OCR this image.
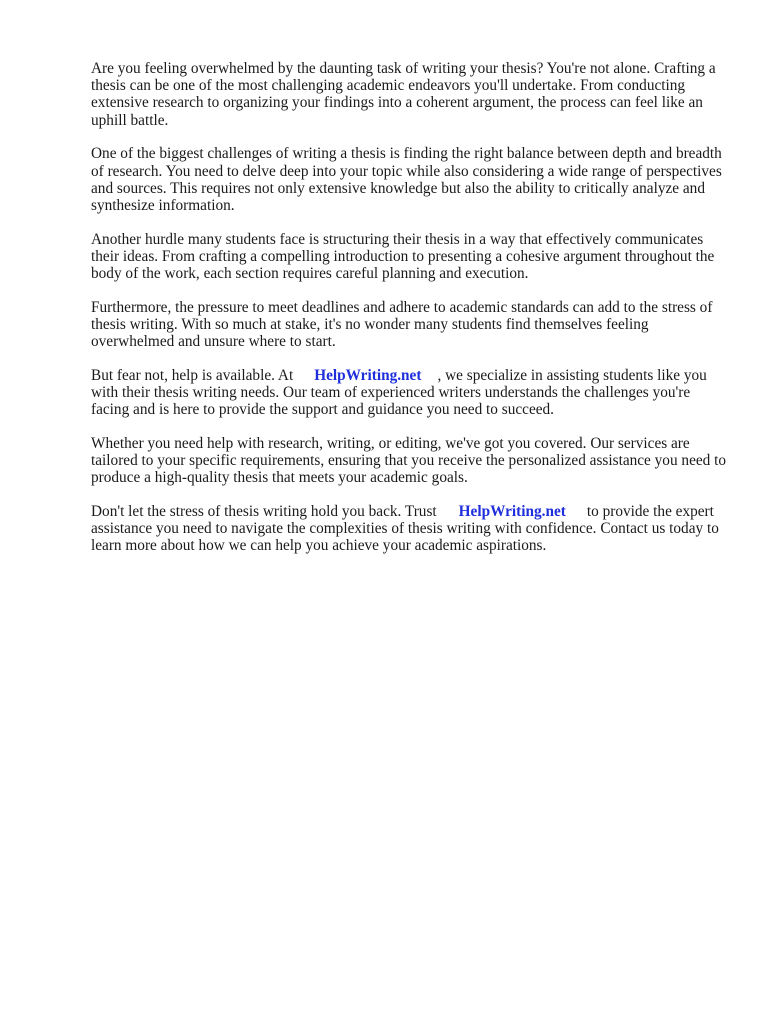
Are you feeling overwhelmed by the daunting task of writing your thesis? You're not alone. Crafting a thesis can be one of the most challenging academic endeavors you'll undertake. From conducting extensive research to organizing your findings into a coherent argument, the process can feel like an uphill battle.

One of the biggest challenges of writing a thesis is finding the right balance between depth and breadth of research. You need to delve deep into your topic while also considering a wide range of perspectives and sources. This requires not only extensive knowledge but also the ability to critically analyze and synthesize information.

Another hurdle many students face is structuring their thesis in a way that effectively communicates their ideas. From crafting a compelling introduction to presenting a cohesive argument throughout the body of the work, each section requires careful planning and execution.

Furthermore, the pressure to meet deadlines and adhere to academic standards can add to the stress of thesis writing. With so much at stake, it's no wonder many students find themselves feeling overwhelmed and unsure where to start.

But fear not, help is available. At HelpWriting.net , we specialize in assisting students like you with their thesis writing needs. Our team of experienced writers understands the challenges you're facing and is here to provide the support and guidance you need to succeed.

Whether you need help with research, writing, or editing, we've got you covered. Our services are tailored to your specific requirements, ensuring that you receive the personalized assistance you need to produce a high-quality thesis that meets your academic goals.

Don't let the stress of thesis writing hold you back. Trust HelpWriting.net to provide the expert assistance you need to navigate the complexities of thesis writing with confidence. Contact us today to learn more about how we can help you achieve your academic aspirations.
